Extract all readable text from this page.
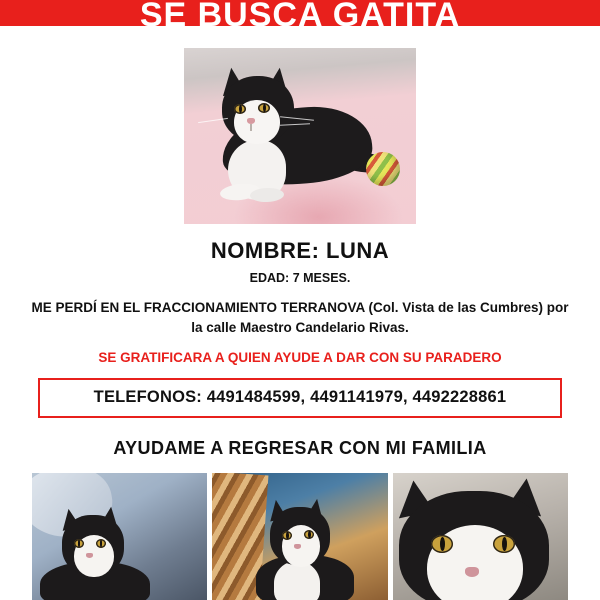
SE BUSCA GATITA
NOMBRE: LUNA
EDAD: 7 MESES.
ME PERDÍ EN EL FRACCIONAMIENTO TERRANOVA (Col. Vista de las Cumbres) por la calle Maestro Candelario Rivas.
SE GRATIFICARA A QUIEN AYUDE A DAR CON SU PARADERO
TELEFONOS: 4491484599, 4491141979, 4492228861
AYUDAME A REGRESAR CON MI FAMILIA
